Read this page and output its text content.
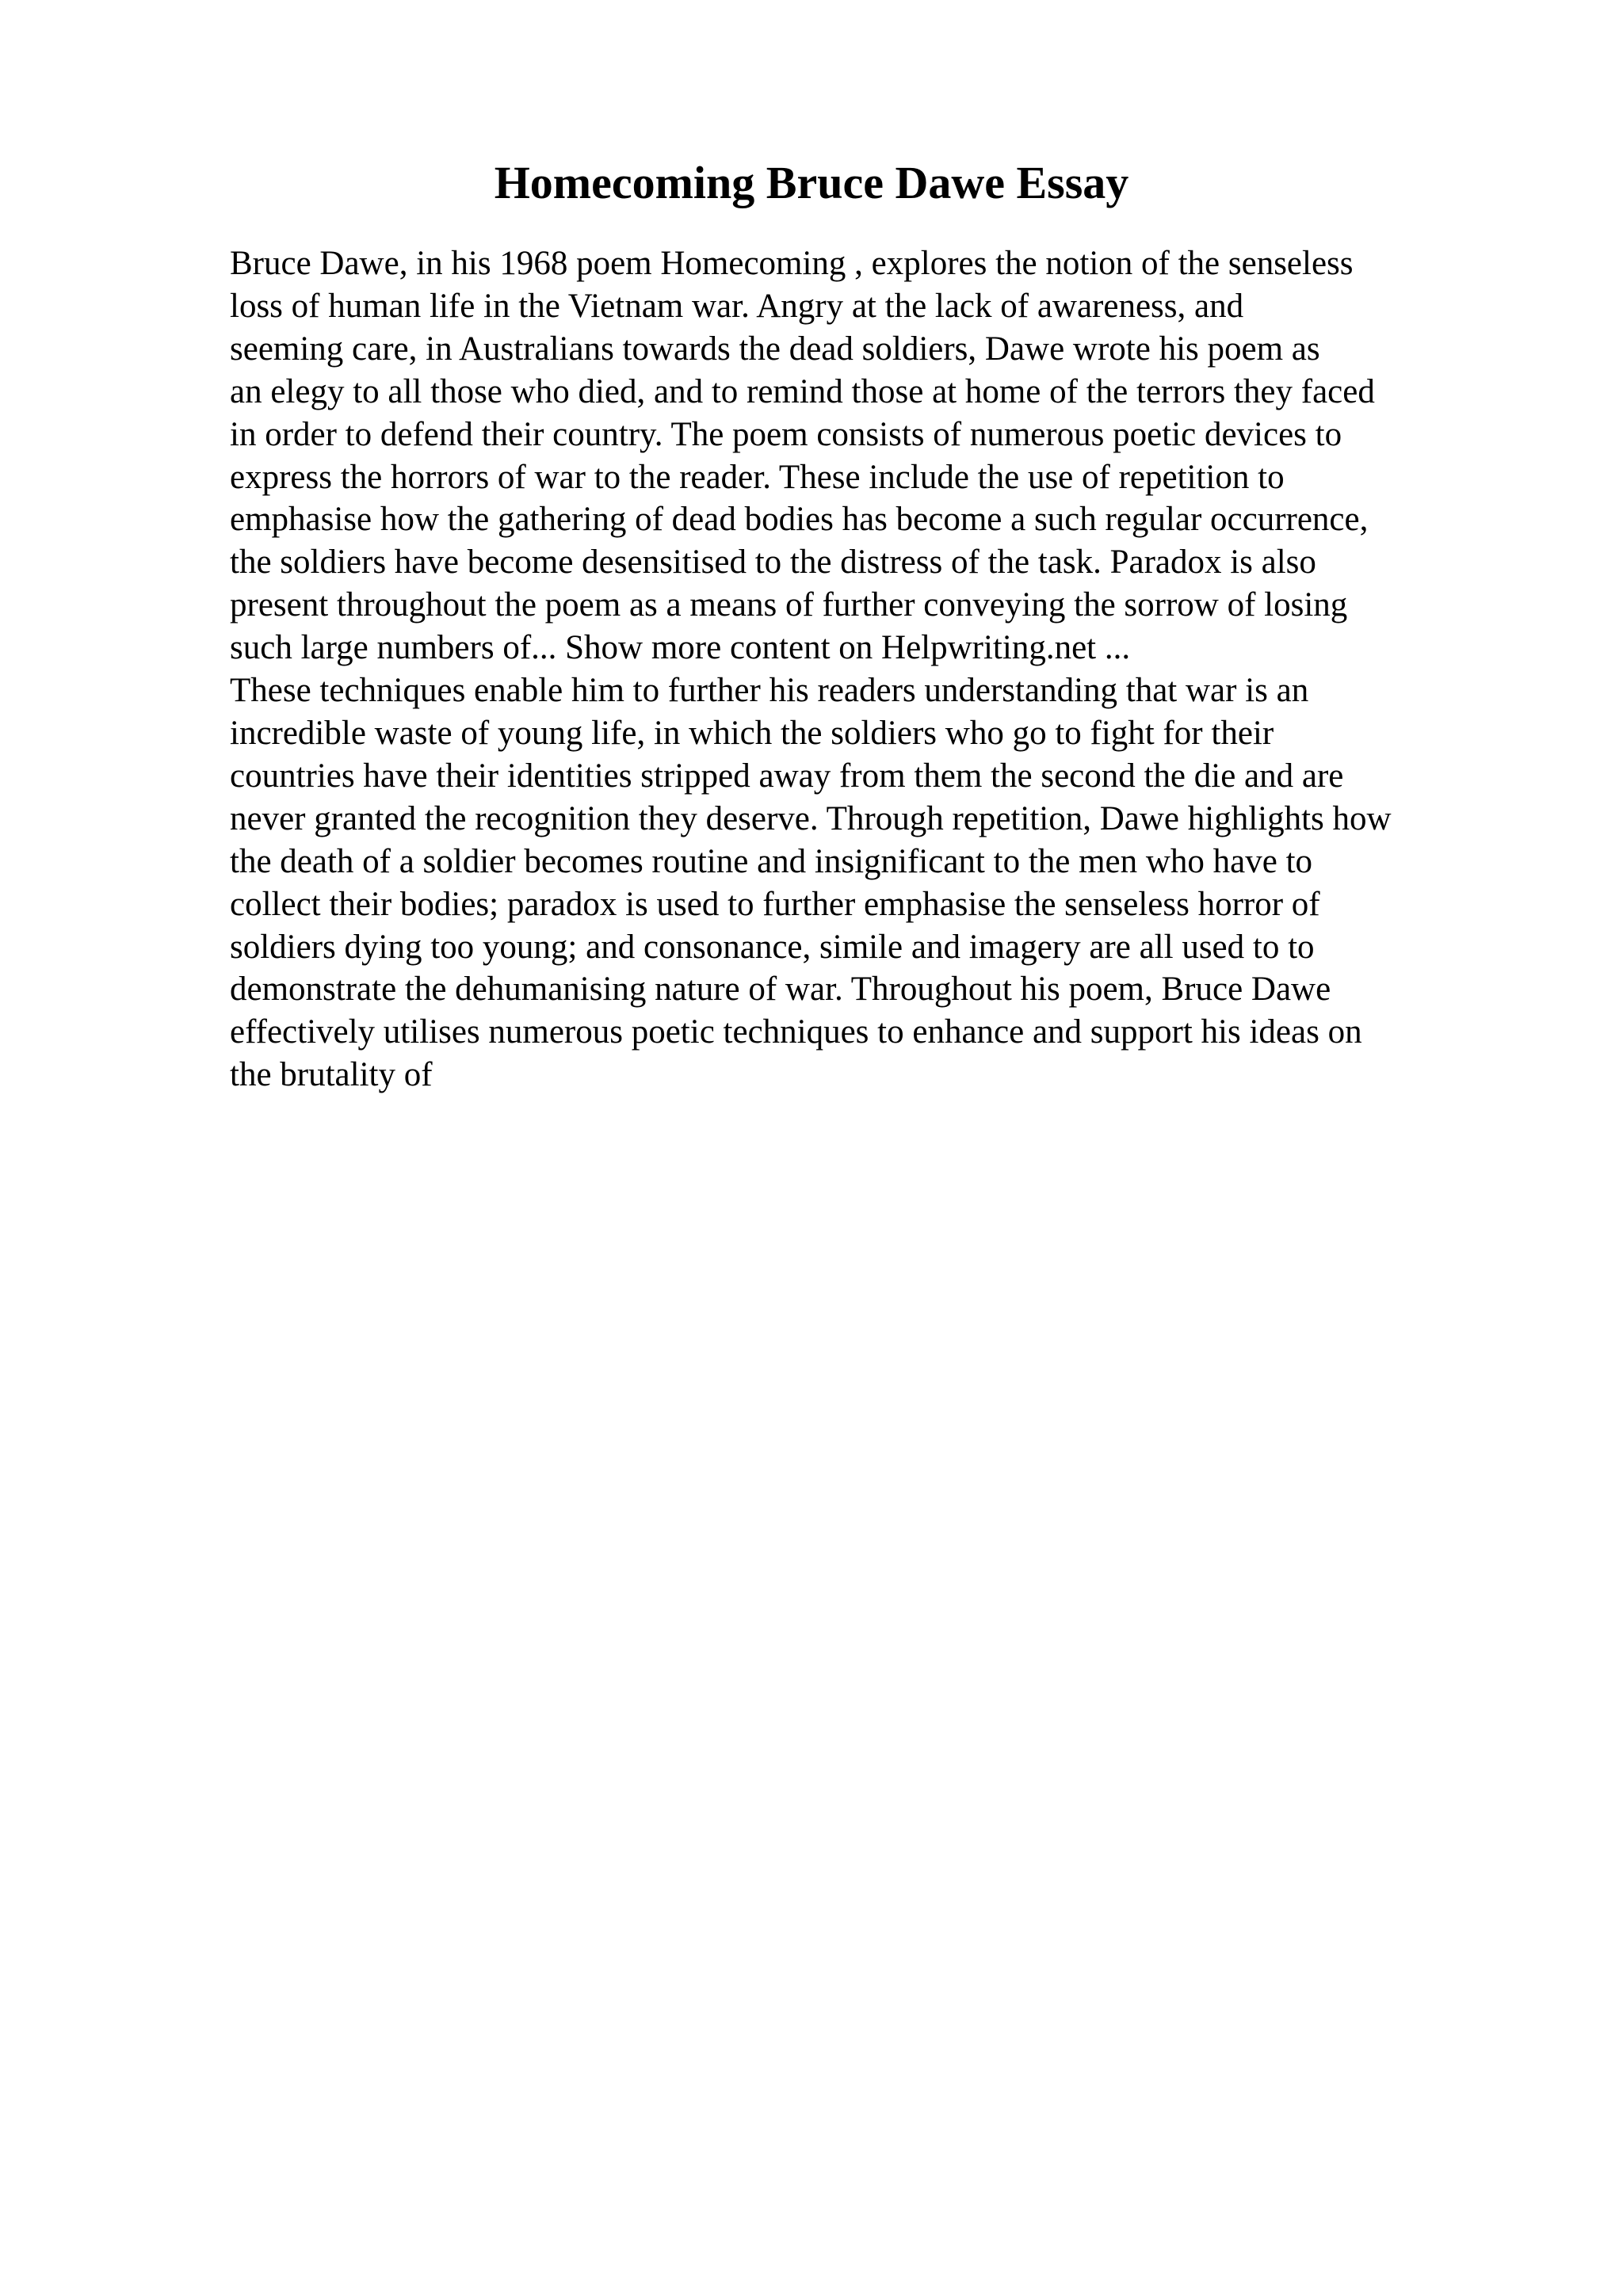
Homecoming Bruce Dawe Essay
Bruce Dawe, in his 1968 poem Homecoming , explores the notion of the senseless
loss of human life in the Vietnam war. Angry at the lack of awareness, and
seeming care, in Australians towards the dead soldiers, Dawe wrote his poem as
an elegy to all those who died, and to remind those at home of the terrors they faced
in order to defend their country. The poem consists of numerous poetic devices to
express the horrors of war to the reader. These include the use of repetition to
emphasise how the gathering of dead bodies has become a such regular occurrence,
the soldiers have become desensitised to the distress of the task. Paradox is also
present throughout the poem as a means of further conveying the sorrow of losing
such large numbers of... Show more content on Helpwriting.net ...
These techniques enable him to further his readers understanding that war is an
incredible waste of young life, in which the soldiers who go to fight for their
countries have their identities stripped away from them the second the die and are
never granted the recognition they deserve. Through repetition, Dawe highlights how
the death of a soldier becomes routine and insignificant to the men who have to
collect their bodies; paradox is used to further emphasise the senseless horror of
soldiers dying too young; and consonance, simile and imagery are all used to to
demonstrate the dehumanising nature of war. Throughout his poem, Bruce Dawe
effectively utilises numerous poetic techniques to enhance and support his ideas on
the brutality of
